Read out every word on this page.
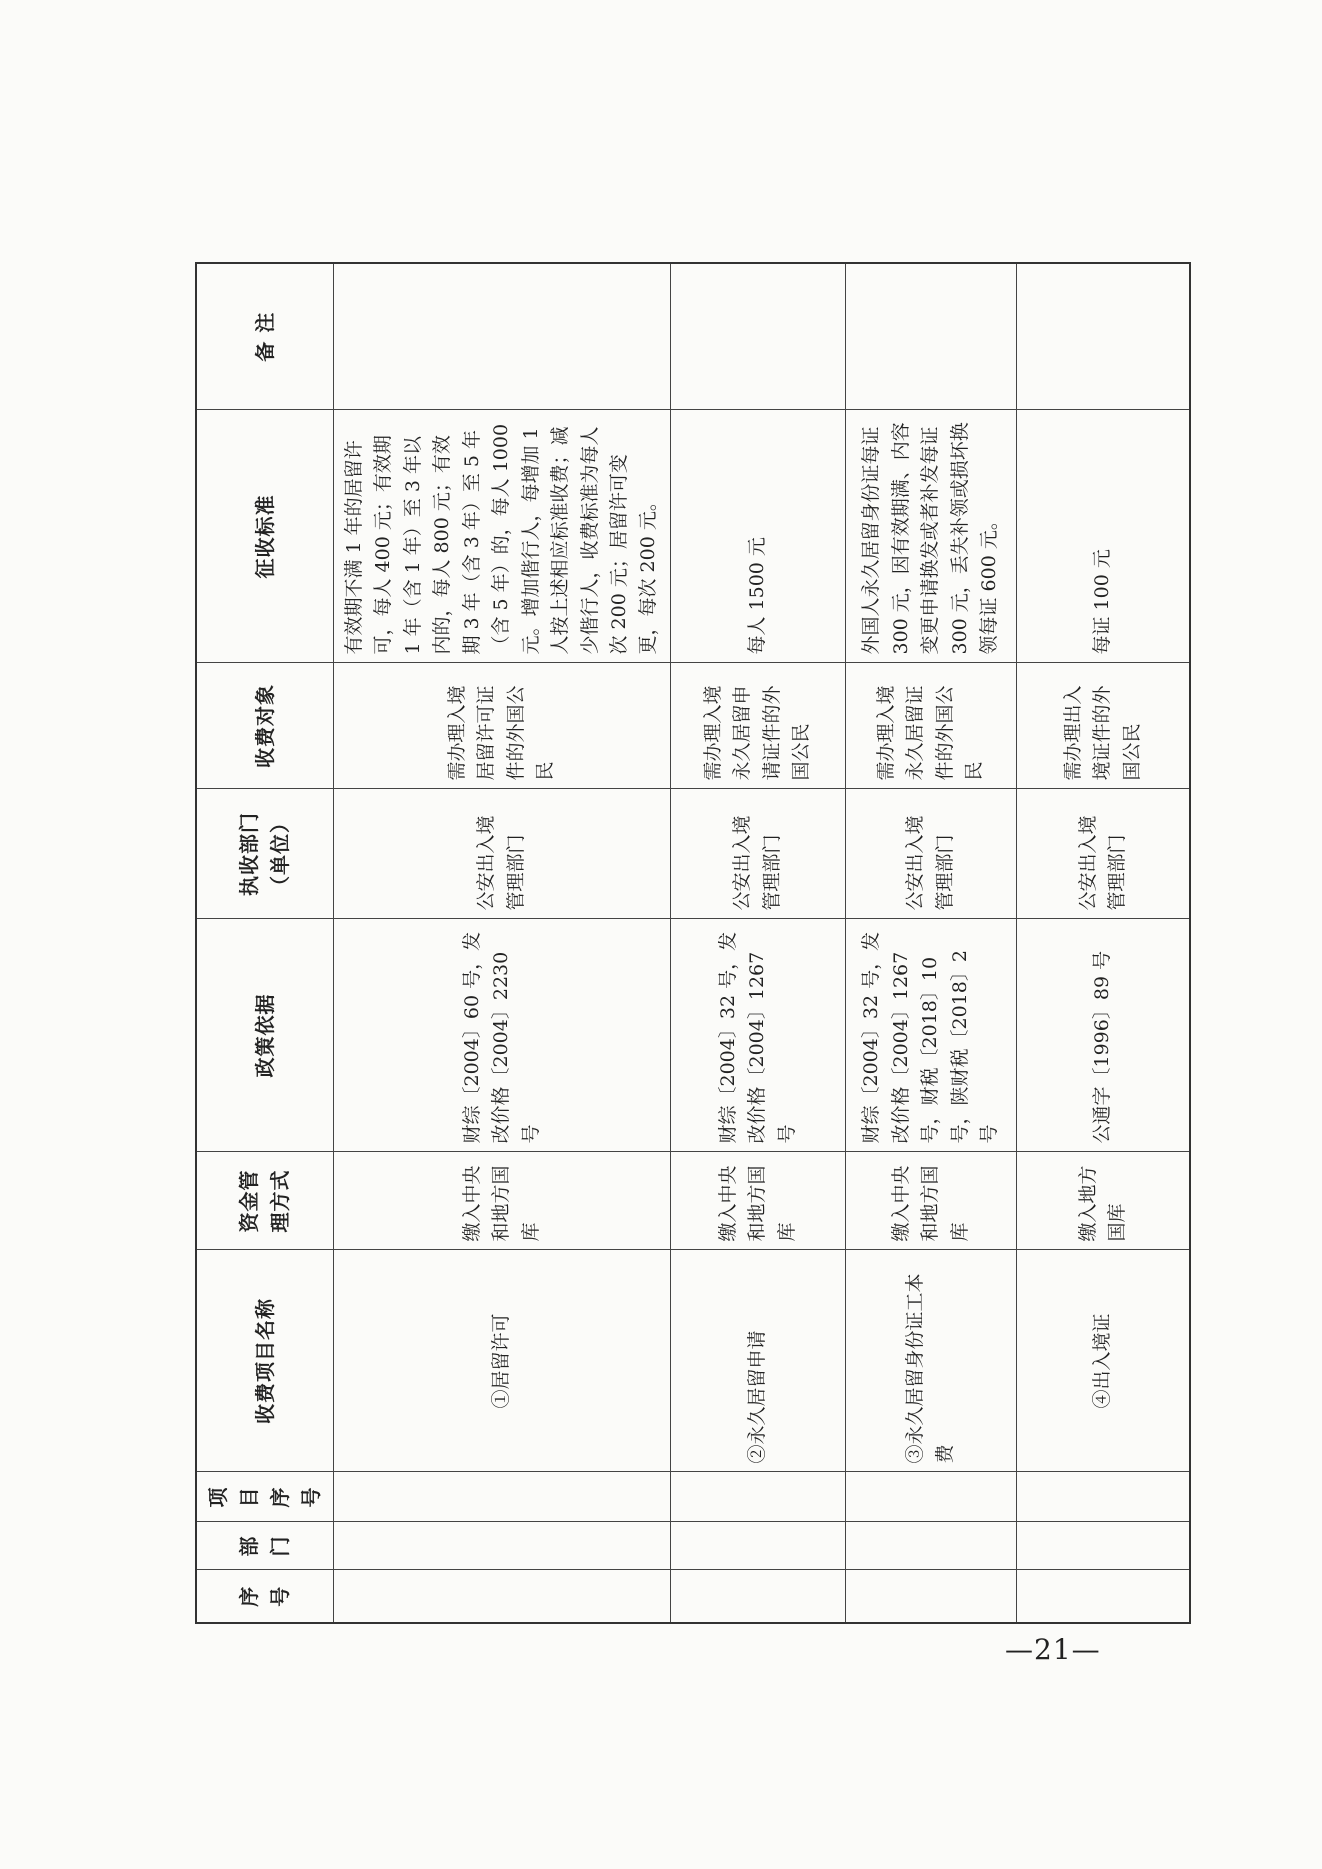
序号	部门	项目序号	收费项目名称	资金管理方式	政策依据	执收部门（单位）	收费对象	征收标准	备 注
			①居留许可	缴入中央和地方国库	财综〔2004〕60 号，发改价格〔2004〕2230 号	公安出入境管理部门	需办理入境居留许可证件的外国公民	有效期不满 1 年的居留许可，每人 400 元；有效期 1 年（含 1 年）至 3 年以内的，每人 800 元；有效期 3 年（含 3 年）至 5 年（含 5 年）的，每人 1000 元。增加偕行人，每增加 1 人按上述相应标准收费；减少偕行人，收费标准为每人次 200 元；居留许可变更，每次 200 元。	
			②永久居留申请	缴入中央和地方国库	财综〔2004〕32 号，发改价格〔2004〕1267 号	公安出入境管理部门	需办理入境永久居留申请证件的外国公民	每人 1500 元	
			③永久居留身份证工本费	缴入中央和地方国库	财综〔2004〕32 号，发改价格〔2004〕1267 号，财税〔2018〕10 号，陕财税〔2018〕2 号	公安出入境管理部门	需办理入境永久居留证件的外国公民	外国人永久居留身份证每证 300 元，因有效期满、内容变更申请换发或者补发每证 300 元，丢失补领或损坏换领每证 600 元。	
			④出入境证	缴入地方国库	公通字〔1996〕89 号	公安出入境管理部门	需办理出入境证件的外国公民	每证 100 元	
—21—
